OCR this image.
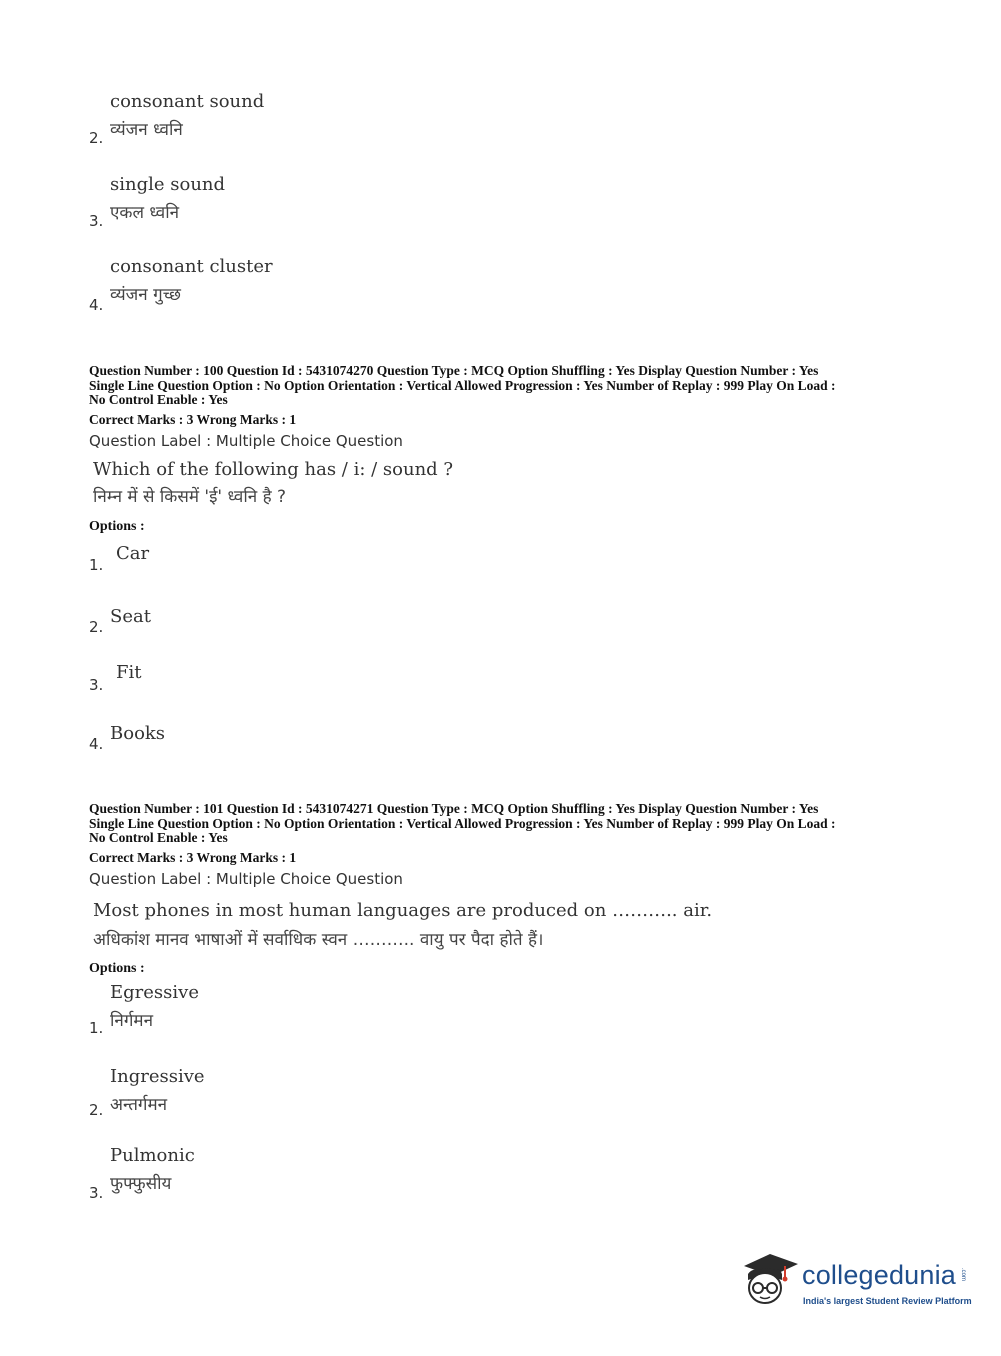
consonant sound
व्यंजन ध्वनि
2.
single sound
एकल ध्वनि
3.
consonant cluster
व्यंजन गुच्छ
4.
Question Number : 100 Question Id : 5431074270 Question Type : MCQ Option Shuffling : Yes Display Question Number : Yes
Single Line Question Option : No Option Orientation : Vertical Allowed Progression : Yes Number of Replay : 999 Play On Load :
No Control Enable : Yes
Correct Marks : 3 Wrong Marks : 1
Question Label : Multiple Choice Question
Which of the following has / i: / sound ?
निम्न में से किसमें 'ई' ध्वनि है ?
Options :
Car
1.
Seat
2.
Fit
3.
Books
4.
Question Number : 101 Question Id : 5431074271 Question Type : MCQ Option Shuffling : Yes Display Question Number : Yes
Single Line Question Option : No Option Orientation : Vertical Allowed Progression : Yes Number of Replay : 999 Play On Load :
No Control Enable : Yes
Correct Marks : 3 Wrong Marks : 1
Question Label : Multiple Choice Question
Most phones in most human languages are produced on ……….. air.
अधिकांश मानव भाषाओं में सर्वाधिक स्वन ……….. वायु पर पैदा होते हैं।
Options :
Egressive
निर्गमन
1.
Ingressive
अन्तर्गमन
2.
Pulmonic
फुफ्फुसीय
3.
collegedunia .com
India's largest Student Review Platform
